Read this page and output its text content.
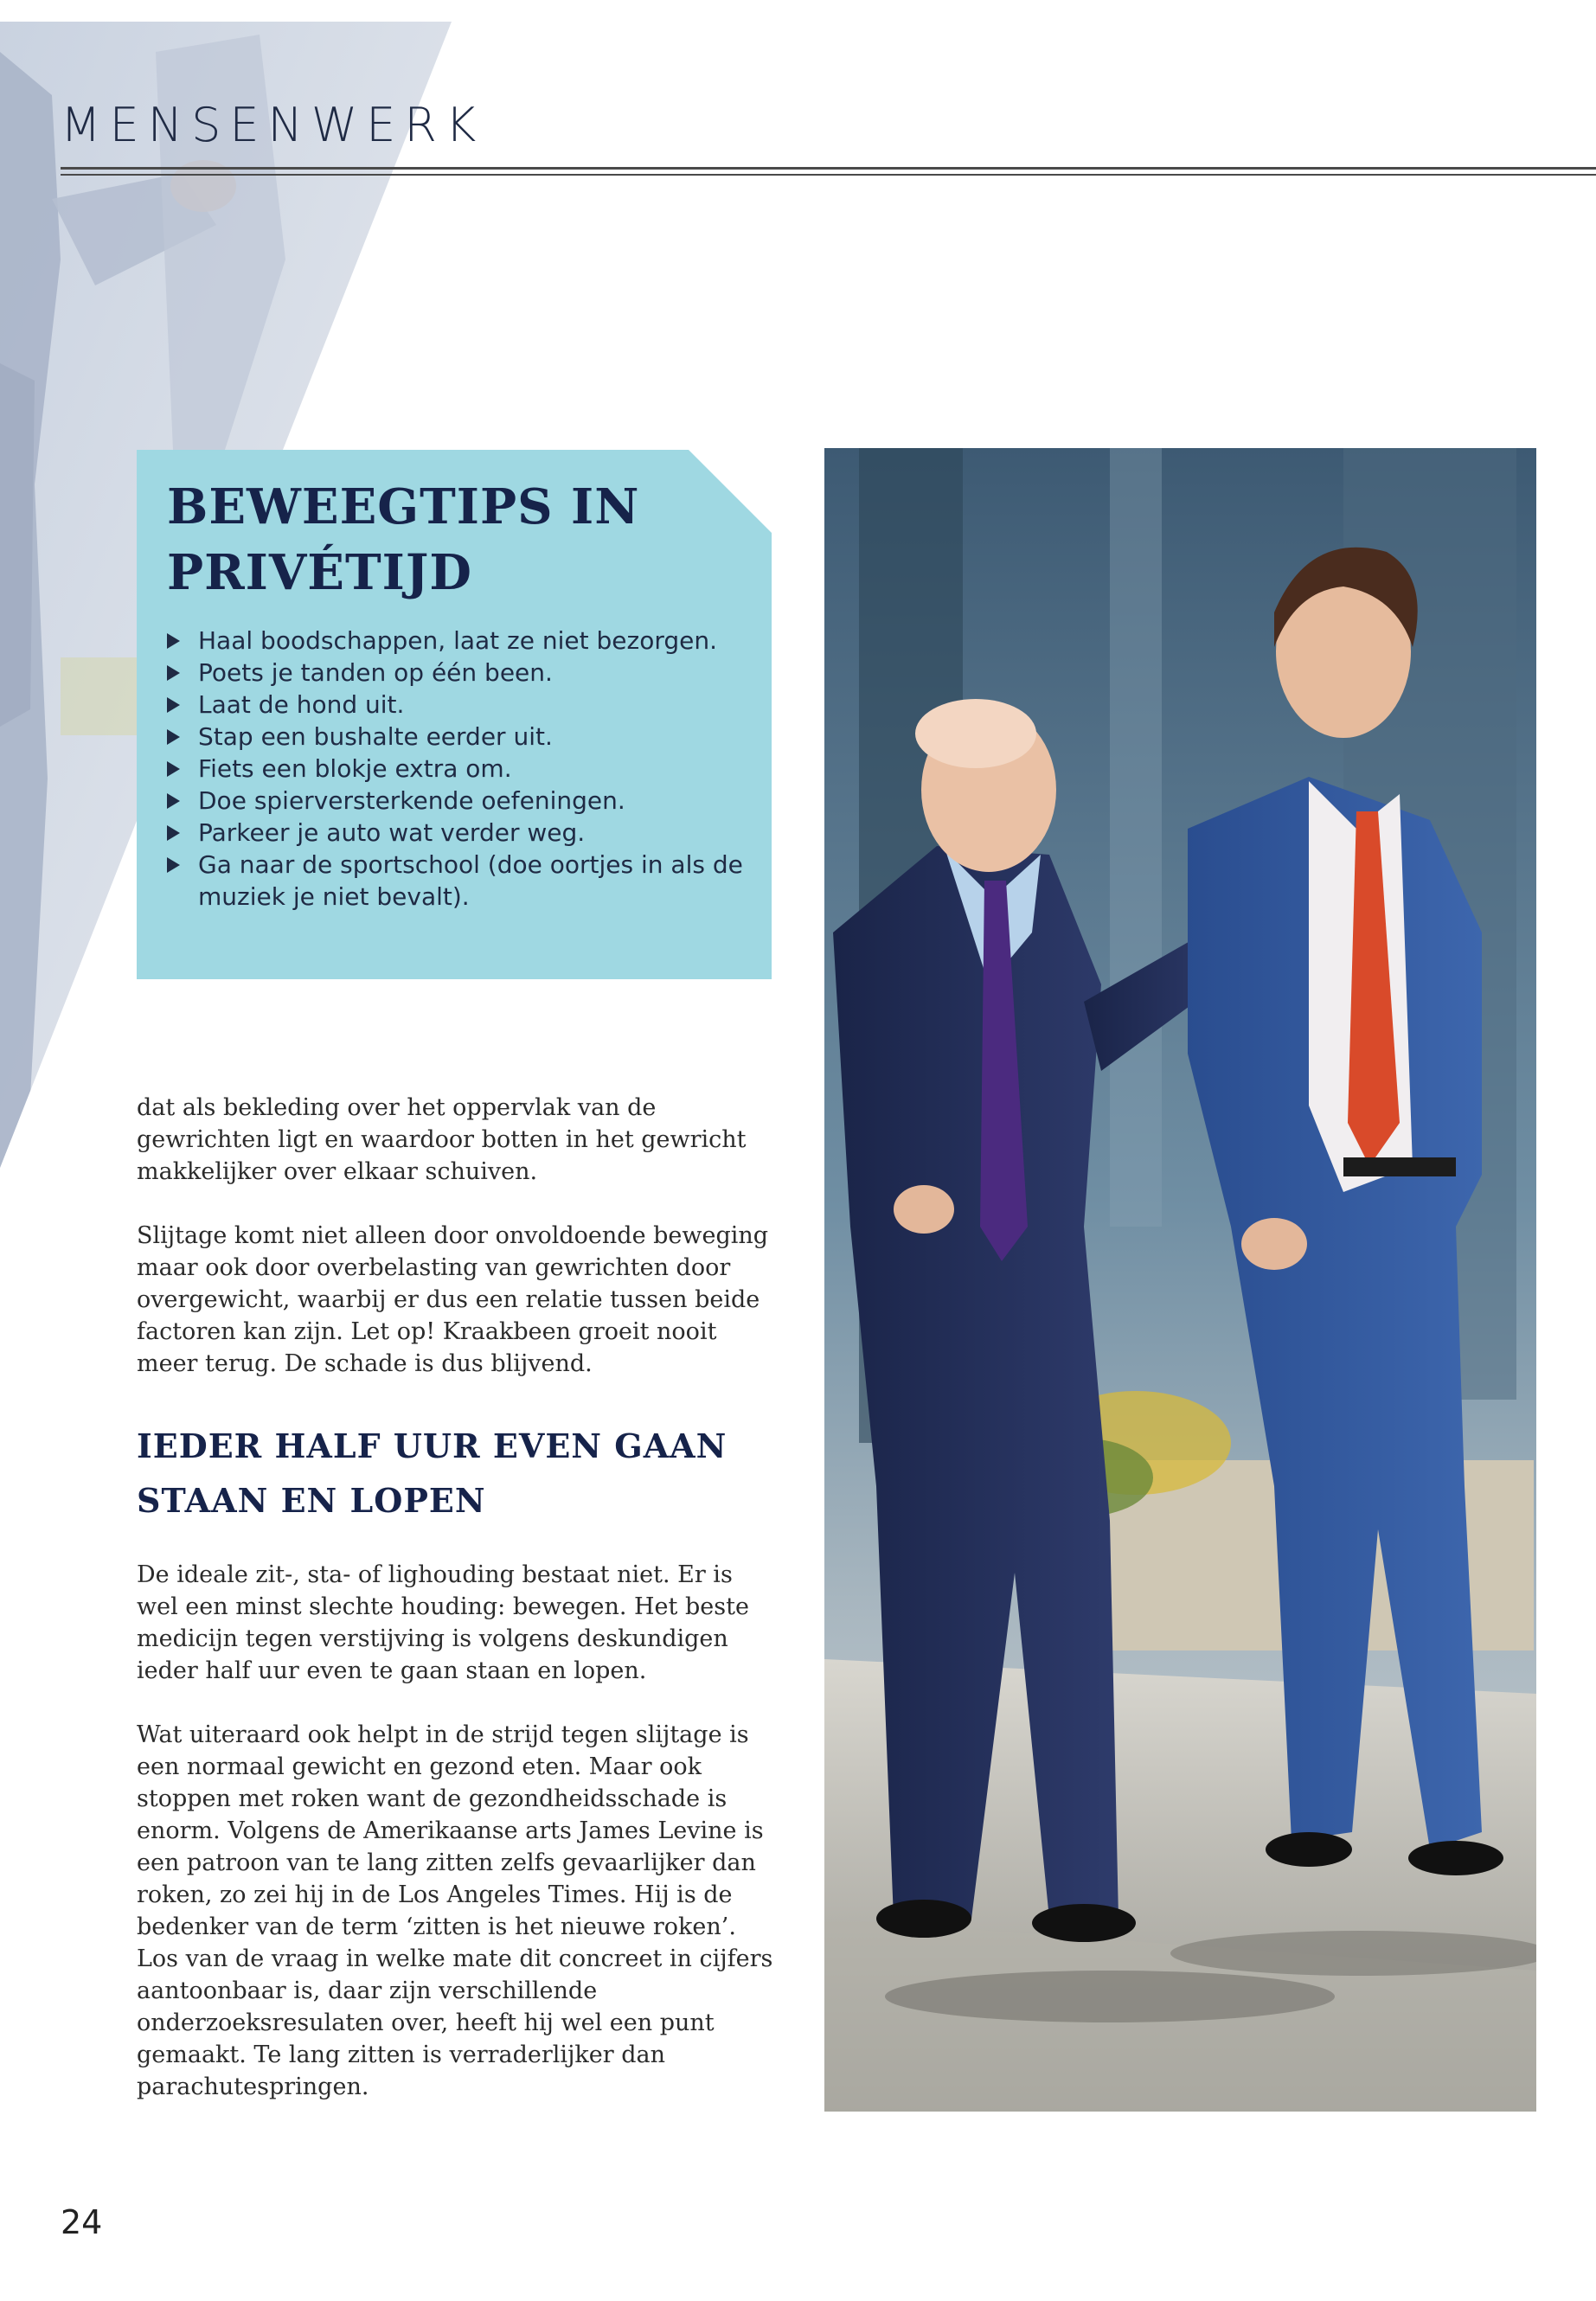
MENSENWERK
BEWEEGTIPS IN PRIVÉTIJD
Haal boodschappen, laat ze niet bezorgen.
Poets je tanden op één been.
Laat de hond uit.
Stap een bushalte eerder uit.
Fiets een blokje extra om.
Doe spierversterkende oefeningen.
Parkeer je auto wat verder weg.
Ga naar de sportschool (doe oortjes in als de muziek je niet bevalt).
dat als bekleding over het oppervlak van de gewrichten ligt en waardoor botten in het gewricht makkelijker over elkaar schuiven.
Slijtage komt niet alleen door onvoldoende beweging maar ook door overbelasting van gewrichten door overgewicht, waarbij er dus een relatie tussen beide factoren kan zijn. Let op! Kraakbeen groeit nooit meer terug. De schade is dus blijvend.
IEDER HALF UUR EVEN GAAN STAAN EN LOPEN
De ideale zit-, sta- of lighouding bestaat niet. Er is wel een minst slechte houding: bewegen. Het beste medicijn tegen verstijving is volgens deskundigen ieder half uur even te gaan staan en lopen.
Wat uiteraard ook helpt in de strijd tegen slijtage is een normaal gewicht en gezond eten. Maar ook stoppen met roken want de gezondheidsschade is enorm. Volgens de Amerikaanse arts James Levine is een patroon van te lang zitten zelfs gevaarlijker dan roken, zo zei hij in de Los Angeles Times. Hij is de bedenker van de term ‘zitten is het nieuwe roken’. Los van de vraag in welke mate dit concreet in cijfers aantoonbaar is, daar zijn verschillende onderzoeksresulaten over, heeft hij wel een punt gemaakt. Te lang zitten is verraderlijker dan parachutespringen.
24
